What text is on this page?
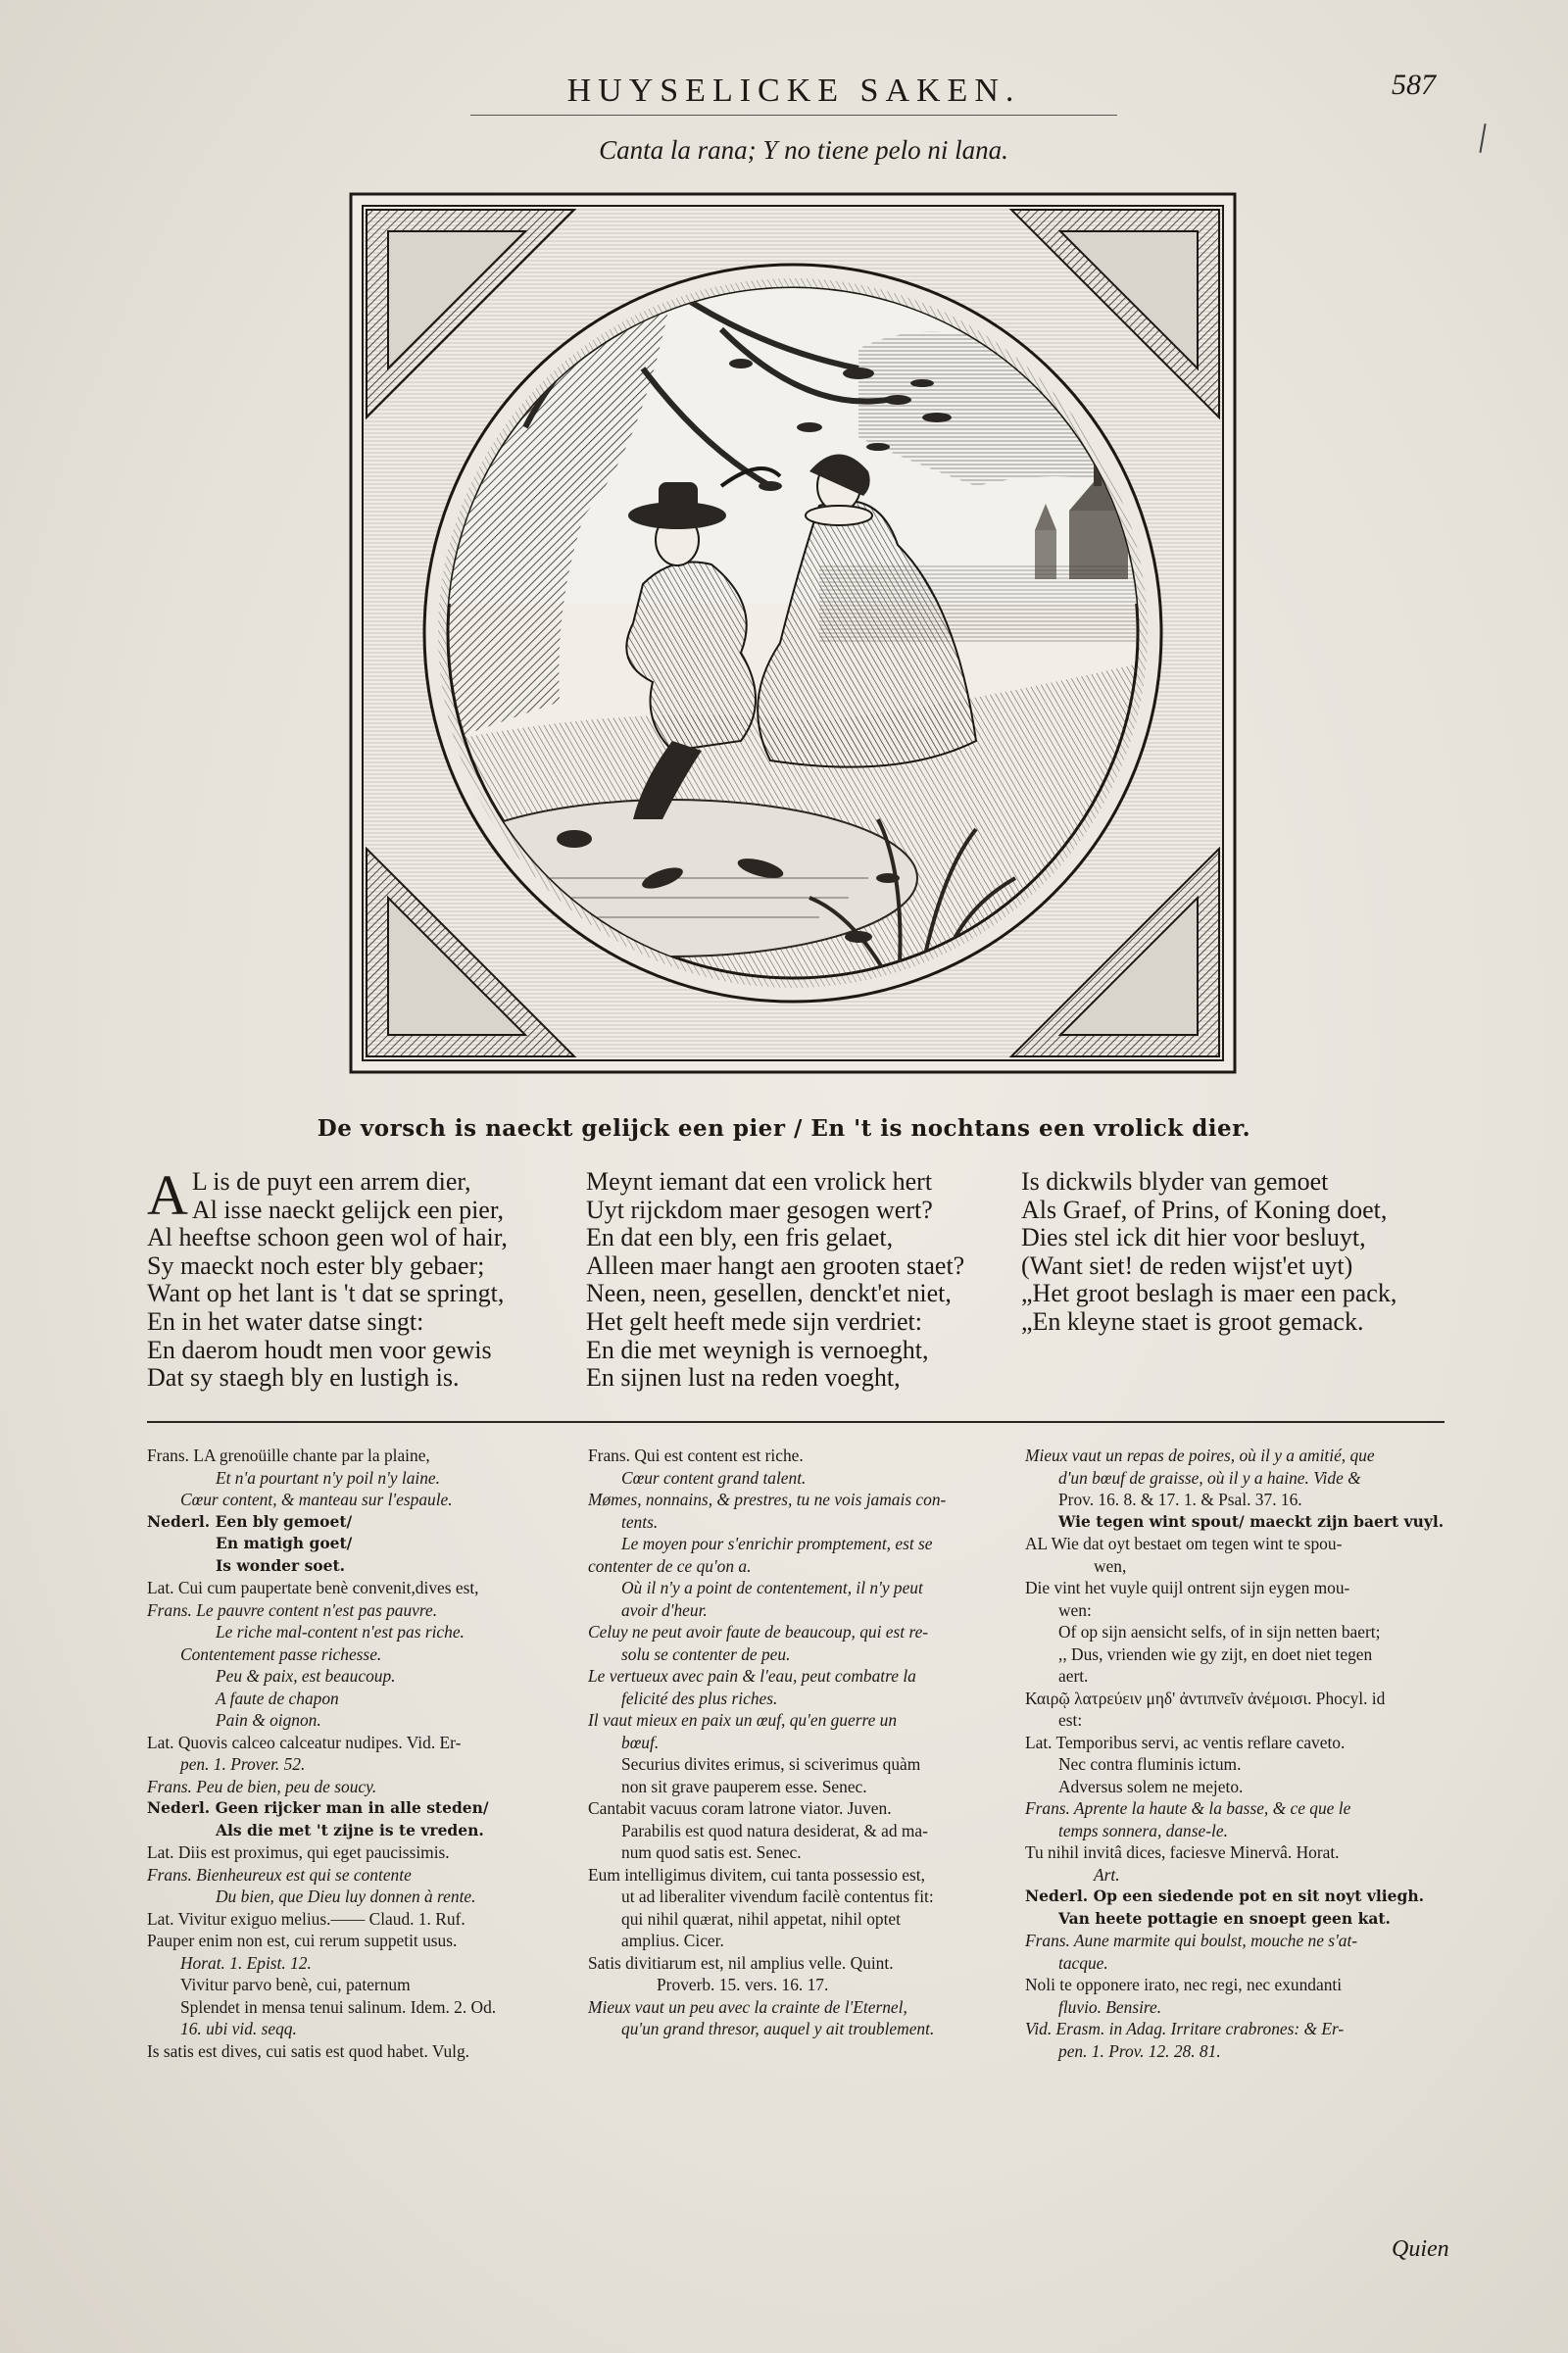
HUYSELICKE SAKEN.	587
Canta la rana; Y no tiene pelo ni lana.
De vorsch is naeckt gelijck een pier / En 't is nochtans een vrolick dier.
A L is de puyt een arrem dier,
Al isse naeckt gelijck een pier,
Al heeftse schoon geen wol of hair,
Sy maeckt noch ester bly gebaer;
Want op het lant is 't dat se springt,
En in het water datse singt:
En daerom houdt men voor gewis
Dat sy staegh bly en lustigh is.
Meynt iemant dat een vrolick hert
Uyt rijckdom maer gesogen wert?
En dat een bly, een fris gelaet,
Alleen maer hangt aen grooten staet?
Neen, neen, gesellen, denckt'et niet,
Het gelt heeft mede sijn verdriet:
En die met weynigh is vernoeght,
En sijnen lust na reden voeght,
Is dickwils blyder van gemoet
Als Graef, of Prins, of Koning doet,
Dies stel ick dit hier voor besluyt,
(Want siet! de reden wijst'et uyt)
„Het groot beslagh is maer een pack,
„En kleyne staet is groot gemack.
Frans. LA grenoüille chante par la plaine,
Et n'a pourtant n'y poil n'y laine.
Cœur content, & manteau sur l'espaule.
Nederl. Een bly gemoet/
En matigh goet/
Is wonder soet.
Lat. Cui cum paupertate benè convenit,dives est,
Frans. Le pauvre content n'est pas pauvre.
Le riche mal-content n'est pas riche.
Contentement passe richesse.
Peu & paix, est beaucoup.
A faute de chapon
Pain & oignon.
Lat. Quovis calceo calceatur nudipes. Vid. Er-
pen. 1. Prover. 52.
Frans. Peu de bien, peu de soucy.
Nederl. Geen rijcker man in alle steden/
Als die met 't zijne is te vreden.
Lat. Diis est proximus, qui eget paucissimis.
Frans. Bienheureux est qui se contente
Du bien, que Dieu luy donnen à rente.
Lat. Vivitur exiguo melius.—— Claud. 1. Ruf.
Pauper enim non est, cui rerum suppetit usus.
Horat. 1. Epist. 12.
Vivitur parvo benè, cui, paternum
Splendet in mensa tenui salinum. Idem. 2. Od.
16. ubi vid. seqq.
Is satis est dives, cui satis est quod habet. Vulg.
Frans. Qui est content est riche.
Cœur content grand talent.
Mømes, nonnains, & prestres, tu ne vois jamais con-
tents.
Le moyen pour s'enrichir promptement, est se
contenter de ce qu'on a.
Où il n'y a point de contentement, il n'y peut
avoir d'heur.
Celuy ne peut avoir faute de beaucoup, qui est re-
solu se contenter de peu.
Le vertueux avec pain & l'eau, peut combatre la
felicité des plus riches.
Il vaut mieux en paix un œuf, qu'en guerre un
bœuf.
Securius divites erimus, si sciverimus quàm
non sit grave pauperem esse. Senec.
Cantabit vacuus coram latrone viator. Juven.
Parabilis est quod natura desiderat, & ad ma-
num quod satis est. Senec.
Eum intelligimus divitem, cui tanta possessio est,
ut ad liberaliter vivendum facilè contentus fit:
qui nihil quærat, nihil appetat, nihil optet
amplius. Cicer.
Satis divitiarum est, nil amplius velle. Quint.
Proverb. 15. vers. 16. 17.
Mieux vaut un peu avec la crainte de l'Eternel,
qu'un grand thresor, auquel y ait troublement.
Mieux vaut un repas de poires, où il y a amitié, que
d'un bœuf de graisse, où il y a haine. Vide &
Prov. 16. 8. & 17. 1. & Psal. 37. 16.
Wie tegen wint spout/ maeckt zijn baert vuyl.
AL Wie dat oyt bestaet om tegen wint te spou-
wen,
Die vint het vuyle quijl ontrent sijn eygen mou-
wen:
Of op sijn aensicht selfs, of in sijn netten baert;
,, Dus, vrienden wie gy zijt, en doet niet tegen
aert.
Καιρῷ λατρεύειν μηδ' ἀντιπνεῖν ἀνέμοισι. Phocyl. id
est:
Lat. Temporibus servi, ac ventis reflare caveto.
Nec contra fluminis ictum.
Adversus solem ne mejeto.
Frans. Aprente la haute & la basse, & ce que le
temps sonnera, danse-le.
Tu nihil invitâ dices, faciesve Minervâ. Horat.
Art.
Nederl. Op een siedende pot en sit noyt vliegh.
Van heete pottagie en snoept geen kat.
Frans. Aune marmite qui boulst, mouche ne s'at-
tacque.
Noli te opponere irato, nec regi, nec exundanti
fluvio. Bensire.
Vid. Erasm. in Adag. Irritare crabrones: & Er-
pen. 1. Prov. 12. 28. 81.
Quien
